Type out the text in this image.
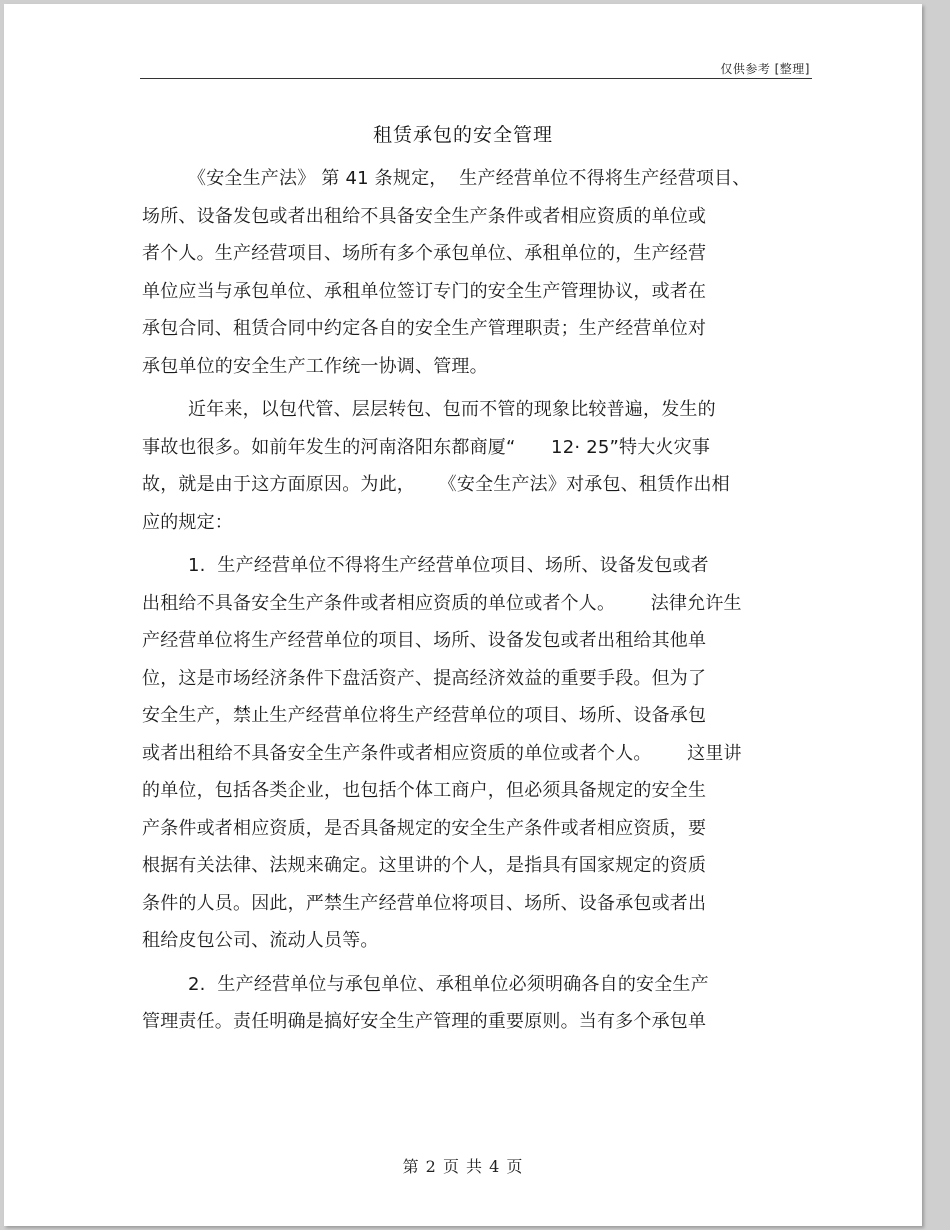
仅供参考 [整理]
租赁承包的安全管理
《安全生产法》 第 41 条规定，  生产经营单位不得将生产经营项目、
场所、设备发包或者出租给不具备安全生产条件或者相应资质的单位或
者个人。生产经营项目、场所有多个承包单位、承租单位的，生产经营
单位应当与承包单位、承租单位签订专门的安全生产管理协议，或者在
承包合同、租赁合同中约定各自的安全生产管理职责；生产经营单位对
承包单位的安全生产工作统一协调、管理。
近年来，以包代管、层层转包、包而不管的现象比较普遍，发生的
事故也很多。如前年发生的河南洛阳东都商厦“      12· 25”特大火灾事
故，就是由于这方面原因。为此，    《安全生产法》对承包、租赁作出相
应的规定：
1.  生产经营单位不得将生产经营单位项目、场所、设备发包或者
出租给不具备安全生产条件或者相应资质的单位或者个人。      法律允许生
产经营单位将生产经营单位的项目、场所、设备发包或者出租给其他单
位，这是市场经济条件下盘活资产、提高经济效益的重要手段。但为了
安全生产，禁止生产经营单位将生产经营单位的项目、场所、设备承包
或者出租给不具备安全生产条件或者相应资质的单位或者个人。      这里讲
的单位，包括各类企业，也包括个体工商户，但必须具备规定的安全生
产条件或者相应资质，是否具备规定的安全生产条件或者相应资质，要
根据有关法律、法规来确定。这里讲的个人，是指具有国家规定的资质
条件的人员。因此，严禁生产经营单位将项目、场所、设备承包或者出
租给皮包公司、流动人员等。
2.  生产经营单位与承包单位、承租单位必须明确各自的安全生产
管理责任。责任明确是搞好安全生产管理的重要原则。当有多个承包单
第 2 页 共 4 页
